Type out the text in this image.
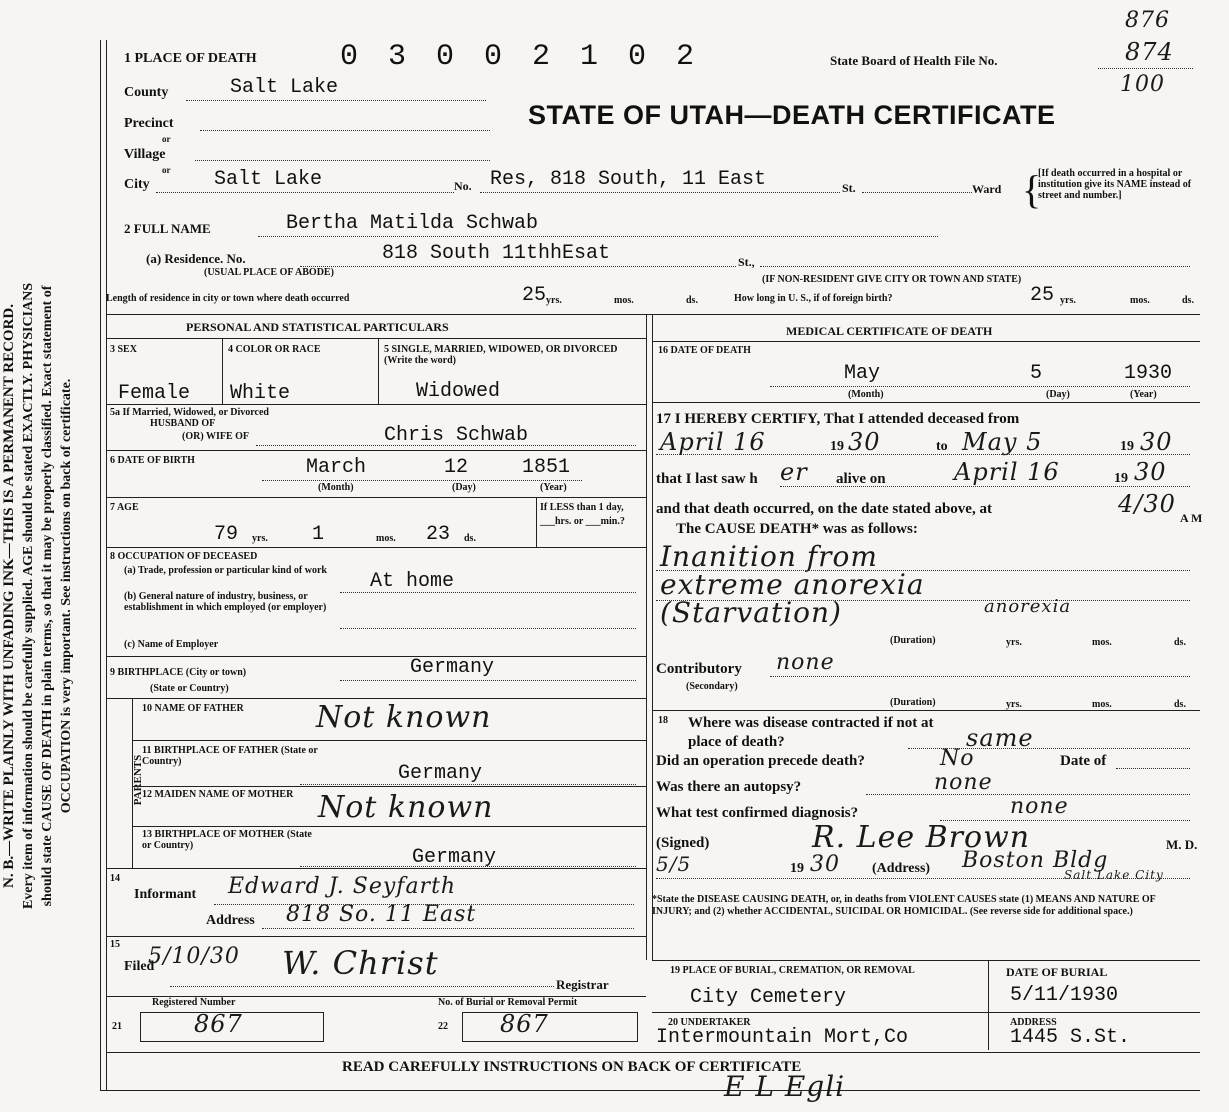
N. B.—WRITE PLAINLY WITH UNFADING INK—THIS IS A PERMANENT RECORD. Every item of information should be carefully supplied. AGE should be stated EXACTLY. PHYSICIANS should state CAUSE OF DEATH in plain terms, so that it may be properly classified. Exact statement of OCCUPATION is very important. See instructions on back of certificate.
876
1 PLACE OF DEATH	0 3 0 0 2 1 0 2	State Board of Health File No.	874
100
STATE OF UTAH—DEATH CERTIFICATE
County	Salt Lake
Precinct
or
Village
or
City	Salt Lake	No. Res, 818 South, 11 East	St.	Ward {
[If death occurred in a hospital or institution give its NAME instead of street and number.]
2 FULL NAME	Bertha Matilda Schwab
(a) Residence. No.	818 South 11thhEsat	St.,
(USUAL PLACE OF ABODE)
(IF NON-RESIDENT GIVE CITY OR TOWN AND STATE)
Length of residence in city or town where death occurred	25 yrs.	mos.	ds.	How long in U. S., if of foreign birth?	25 yrs.	mos.	ds.
PERSONAL AND STATISTICAL PARTICULARS
3 SEX	4 COLOR OR RACE	5 SINGLE, MARRIED, WIDOWED, OR DIVORCED (Write the word)
Female White	Widowed
5a If Married, Widowed, or Divorced
HUSBAND OF
(OR) WIFE OF	Chris Schwab
6 DATE OF BIRTH	March	12	1851
(Month)	(Day)	(Year)
7 AGE
79 yrs. 1	mos. 23 ds.
If LESS than 1 day, ___hrs. or ___min.?
8 OCCUPATION OF DECEASED
(a) Trade, profession or particular kind of work
(b) General nature of industry, business, or establishment in which employed (or employer)
At home
(c) Name of Employer
9 BIRTHPLACE (City or town)
(State or Country)
Germany
PARENTS
10 NAME OF FATHER Not known
11 BIRTHPLACE OF FATHER (State or Country)
Germany
12 MAIDEN NAME OF MOTHER Not known
13 BIRTHPLACE OF MOTHER (State or Country)
Germany
14
Informant Edward J. Seyfarth
Address 818 So. 11 East
15
Filed
5/10/30 W. Christ
Registrar
Registered Number	No. of Burial or Removal Permit
21	867	22 867
MEDICAL CERTIFICATE OF DEATH
16 DATE OF DEATH
May	5	1930
(Month)	(Day)	(Year)
17 I HEREBY CERTIFY, That I attended deceased from
April 16	19 30	to May 5	19 30
that I last saw h er alive on	April 16	19 30
and that death occurred, on the date stated above, at	4/30 A M
The CAUSE DEATH* was as follows:
Inanition from
extreme anorexia
(Starvation)	anorexia
(Duration)	yrs.	mos.	ds.
Contributory
(Secondary)
none
(Duration)	yrs.	mos.	ds.
18 Where was disease contracted if not at place of death?	same
Did an operation precede death?	No	Date of
Was there an autopsy?	none
What test confirmed diagnosis?	none
(Signed)	R. Lee Brown	M. D.
5/5	19 30 (Address) Boston Bldg
Salt Lake City
*State the DISEASE CAUSING DEATH, or, in deaths from VIOLENT CAUSES state (1) MEANS AND NATURE OF INJURY; and (2) whether ACCIDENTAL, SUICIDAL OR HOMICIDAL. (See reverse side for additional space.)
19 PLACE OF BURIAL, CREMATION, OR REMOVAL
City Cemetery
DATE OF BURIAL
5/11/1930
20 UNDERTAKER
Intermountain Mort,Co
ADDRESS
1445 S.St.
READ CAREFULLY INSTRUCTIONS ON BACK OF CERTIFICATE
E L Egli
